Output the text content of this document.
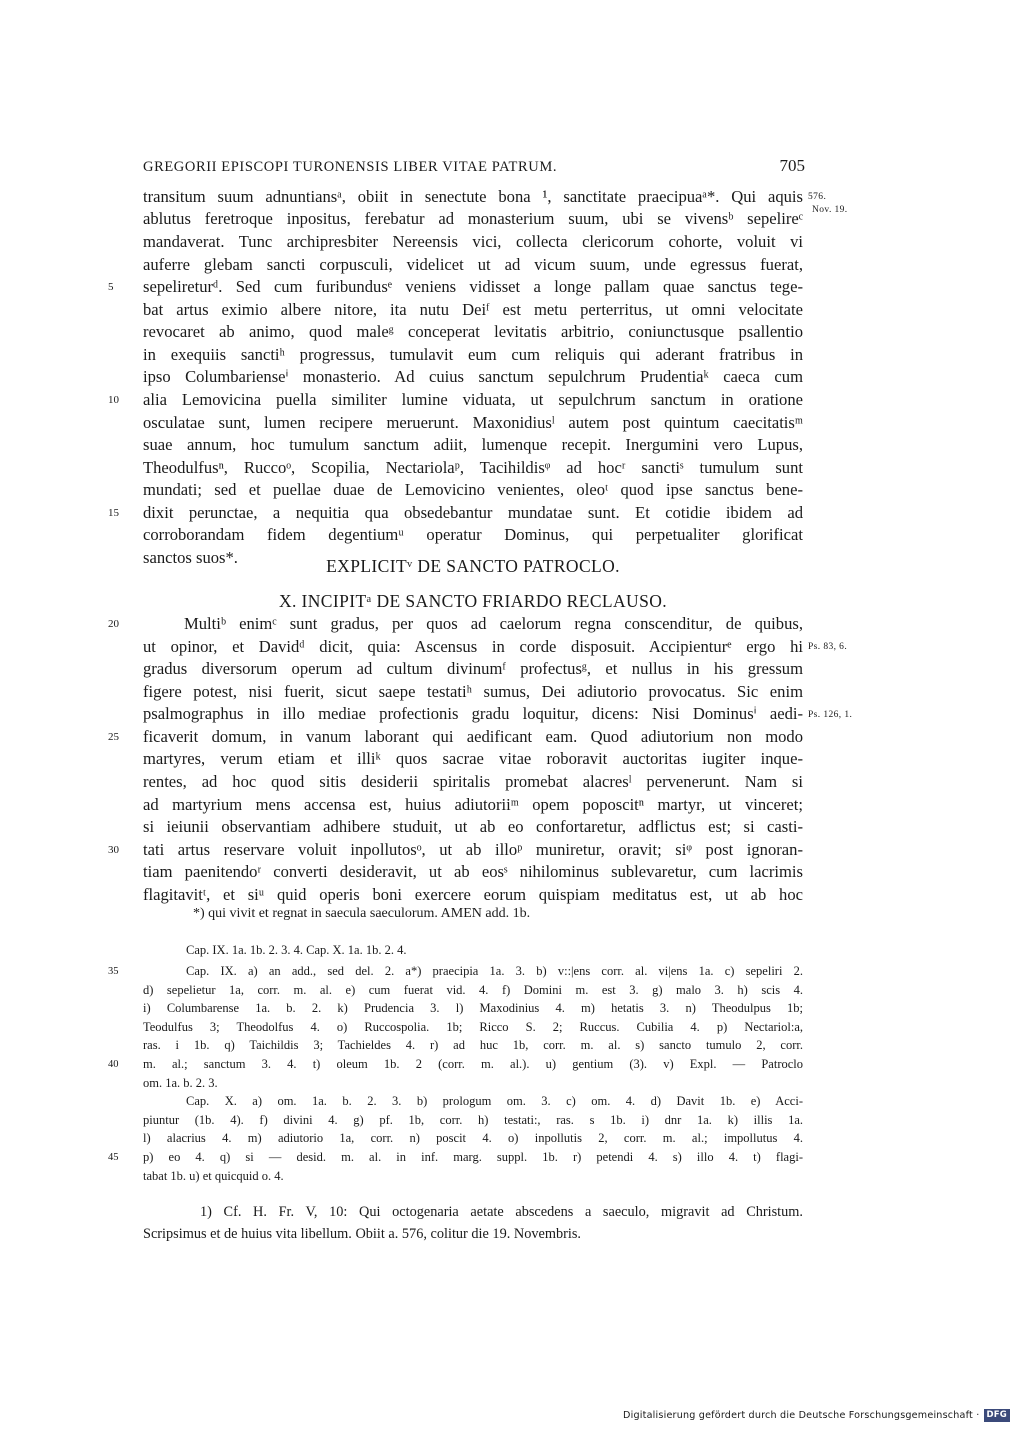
GREGORII EPISCOPI TURONENSIS LIBER VITAE PATRUM.	705
transitum suum adnuntiansᵃ, obiit in senectute bona ¹, sanctitate praecipuaᵃ*. Qui aquis
ablutus feretroque inpositus, ferebatur ad monasterium suum, ubi se vivensᵇ sepelireᶜ
mandaverat. Tunc archipresbiter Nereensis vici, collecta clericorum cohorte, voluit vi
auferre glebam sancti corpusculi, videlicet ut ad vicum suum, unde egressus fuerat,
sepelireturᵈ. Sed cum furibundusᵉ veniens vidisset a longe pallam quae sanctus tege-
bat artus eximio albere nitore, ita nutu Deiᶠ est metu perterritus, ut omni velocitate
revocaret ab animo, quod maleᵍ conceperat levitatis arbitrio, coniunctusque psallentio
in exequiis sanctiʰ progressus, tumulavit eum cum reliquis qui aderant fratribus in
ipso Columbarienseⁱ monasterio. Ad cuius sanctum sepulchrum Prudentiaᵏ caeca cum
alia Lemovicina puella similiter lumine viduata, ut sepulchrum sanctum in oratione
osculatae sunt, lumen recipere meruerunt. Maxonidiusˡ autem post quintum caecitatisᵐ
suae annum, hoc tumulum sanctum adiit, lumenque recepit. Inergumini vero Lupus,
Theodulfusⁿ, Ruccoᵒ, Scopilia, Nectariolaᵖ, Tacihildisᵠ ad hocʳ sanctiˢ tumulum sunt
mundati; sed et puellae duae de Lemovicino venientes, oleoᵗ quod ipse sanctus bene-
dixit perunctae, a nequitia qua obsedebantur mundatae sunt. Et cotidie ibidem ad
corroborandam fidem degentiumᵘ operatur Dominus, qui perpetualiter glorificat
sanctos suos*.
5
10
15
576.
Nov. 19.
Ps. 83, 6.
Ps. 126, 1.
EXPLICITᵛ DE SANCTO PATROCLO.
X. INCIPITᵃ DE SANCTO FRIARDO RECLAUSO.
Multiᵇ enimᶜ sunt gradus, per quos ad caelorum regna conscenditur, de quibus,
ut opinor, et Davidᵈ dicit, quia: Ascensus in corde disposuit. Accipienturᵉ ergo hi
gradus diversorum operum ad cultum divinumᶠ profectusᵍ, et nullus in his gressum
figere potest, nisi fuerit, sicut saepe testatiʰ sumus, Dei adiutorio provocatus. Sic enim
psalmographus in illo mediae profectionis gradu loquitur, dicens: Nisi Dominusⁱ aedi-
ficaverit domum, in vanum laborant qui aedificant eam. Quod adiutorium non modo
martyres, verum etiam et illiᵏ quos sacrae vitae roboravit auctoritas iugiter inque-
rentes, ad hoc quod sitis desiderii spiritalis promebat alacresˡ pervenerunt. Nam si
ad martyrium mens accensa est, huius adiutoriiᵐ opem poposcitⁿ martyr, ut vinceret;
si ieiunii observantiam adhibere studuit, ut ab eo confortaretur, adflictus est; si casti-
tati artus reservare voluit inpollutosᵒ, ut ab illoᵖ muniretur, oravit; siᵠ post ignoran-
tiam paenitendoʳ converti desideravit, ut ab eosˢ nihilominus sublevaretur, cum lacrimis
flagitavitᵗ, et siᵘ quid operis boni exercere eorum quispiam meditatus est, ut ab hoc
20
25
30
*) qui vivit et regnat in saecula saeculorum. AMEN add. 1b.
Cap. IX. 1a. 1b. 2. 3. 4. Cap. X. 1a. 1b. 2. 4.
Cap. IX. a) an add., sed del. 2. a*) praecipia 1a. 3. b) v::|ens corr. al. vi|ens 1a. c) sepeliri 2.
d) sepelietur 1a, corr. m. al. e) cum fuerat vid. 4. f) Domini m. est 3. g) malo 3. h) scis 4.
i) Columbarense 1a. b. 2. k) Prudencia 3. l) Maxodinius 4. m) hetatis 3. n) Theodulpus 1b;
Teodulfus 3; Theodolfus 4. o) Ruccospolia. 1b; Ricco S. 2; Ruccus. Cubilia 4. p) Nectariol:a,
ras. i 1b. q) Taichildis 3; Tachieldes 4. r) ad huc 1b, corr. m. al. s) sancto tumulo 2, corr.
m. al.; sanctum 3. 4. t) oleum 1b. 2 (corr. m. al.). u) gentium (3). v) Expl. — Patroclo
om. 1a. b. 2. 3.
Cap. X. a) om. 1a. b. 2. 3. b) prologum om. 3. c) om. 4. d) Davit 1b. e) Acci-
piuntur (1b. 4). f) divini 4. g) pf. 1b, corr. h) testati:, ras. s 1b. i) dnr 1a. k) illis 1a.
l) alacrius 4. m) adiutorio 1a, corr. n) poscit 4. o) inpollutis 2, corr. m. al.; impollutus 4.
p) eo 4. q) si — desid. m. al. in inf. marg. suppl. 1b. r) petendi 4. s) illo 4. t) flagi-
tabat 1b. u) et quicquid o. 4.
35
40
45
1) Cf. H. Fr. V, 10: Qui octogenaria aetate abscedens a saeculo, migravit ad Christum.
Scripsimus et de huius vita libellum. Obiit a. 576, colitur die 19. Novembris.
Digitalisierung gefördert durch die Deutsche Forschungsgemeinschaft · DFG
